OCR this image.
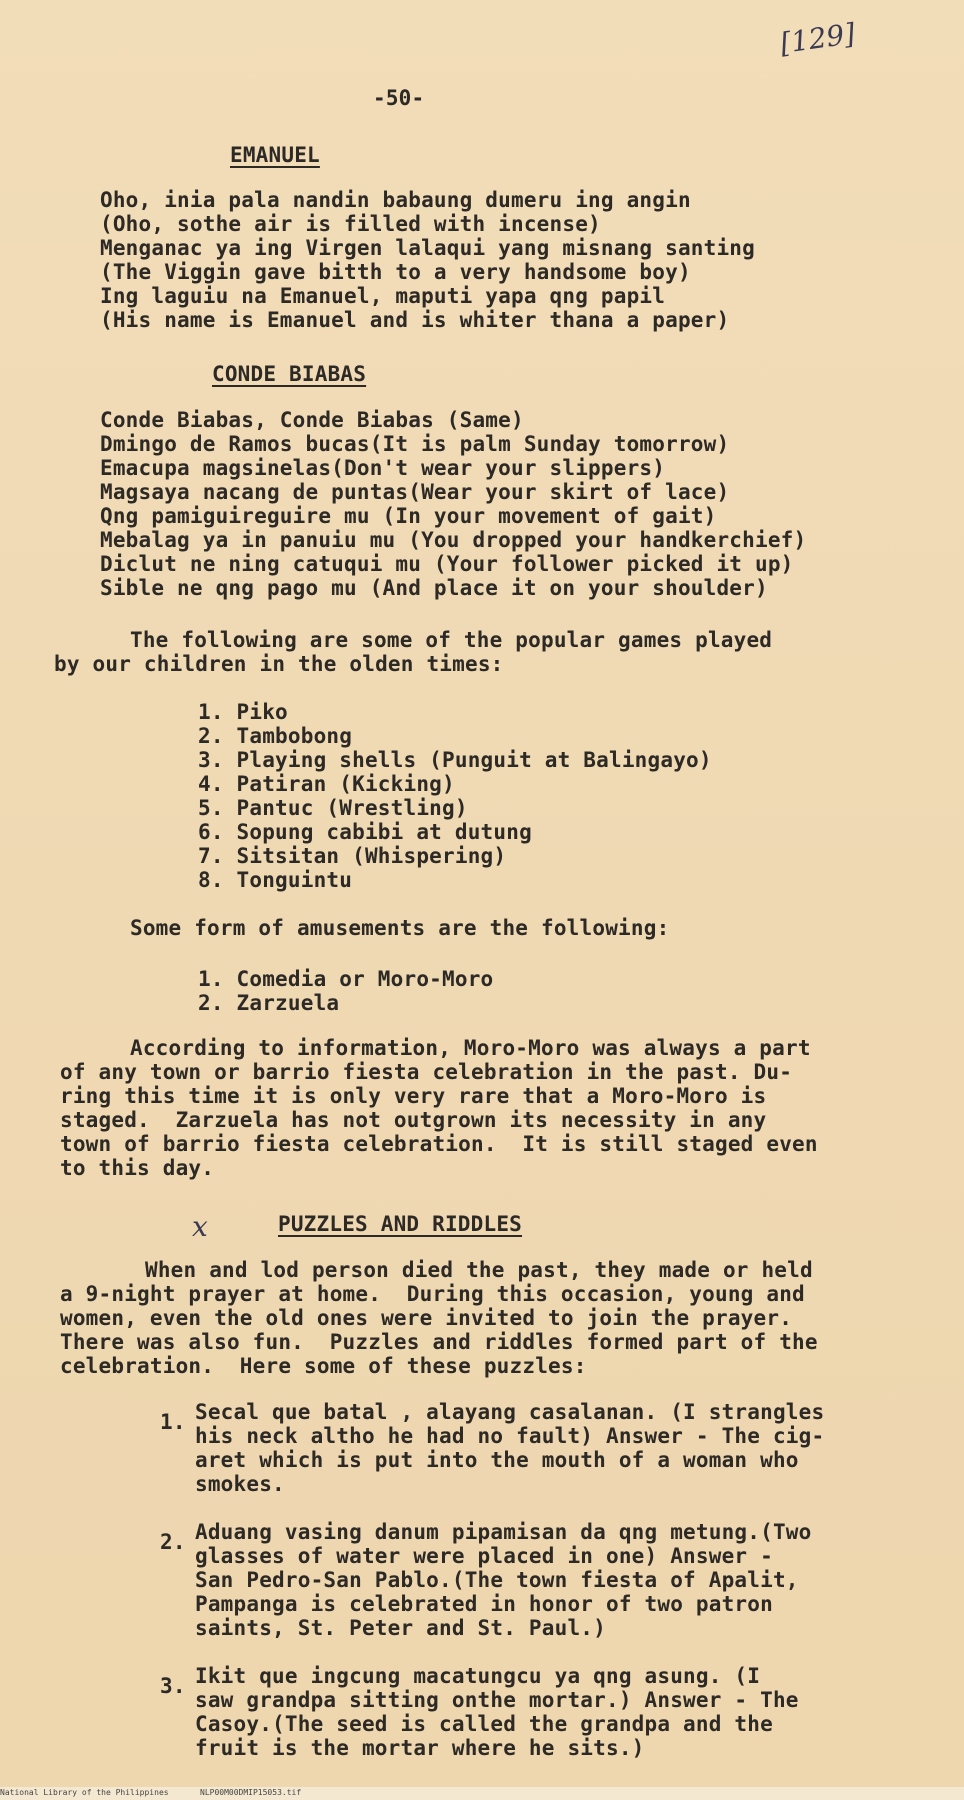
[129]
-50-
EMANUEL
Oho, inia pala nandin babaung dumeru ing angin
(Oho, sothe air is filled with incense)
Menganac ya ing Virgen lalaqui yang misnang santing
(The Viggin gave bitth to a very handsome boy)
Ing laguiu na Emanuel, maputi yapa qng papil
(His name is Emanuel and is whiter thana a paper)
CONDE BIABAS
Conde Biabas, Conde Biabas (Same)
Dmingo de Ramos bucas(It is palm Sunday tomorrow)
Emacupa magsinelas(Don't wear your slippers)
Magsaya nacang de puntas(Wear your skirt of lace)
Qng pamiguireguire mu (In your movement of gait)
Mebalag ya in panuiu mu (You dropped your handkerchief)
Diclut ne ning catuqui mu (Your follower picked it up)
Sible ne qng pago mu (And place it on your shoulder)
The following are some of the popular games played
by our children in the olden times:
1. Piko
2. Tambobong
3. Playing shells (Punguit at Balingayo)
4. Patiran (Kicking)
5. Pantuc (Wrestling)
6. Sopung cabibi at dutung
7. Sitsitan (Whispering)
8. Tonguintu
Some form of amusements are the following:
1. Comedia or Moro-Moro
2. Zarzuela
According to information, Moro-Moro was always a part
of any town or barrio fiesta celebration in the past. Du-
ring this time it is only very rare that a Moro-Moro is
staged.  Zarzuela has not outgrown its necessity in any
town of barrio fiesta celebration.  It is still staged even
to this day.
x	PUZZLES AND RIDDLES
When and lod person died the past, they made or held
a 9-night prayer at home.  During this occasion, young and
women, even the old ones were invited to join the prayer.
There was also fun.  Puzzles and riddles formed part of the
celebration.  Here some of these puzzles:
1. Secal que batal , alayang casalanan. (I strangles
his neck altho he had no fault) Answer - The cig-
aret which is put into the mouth of a woman who
smokes.
2. Aduang vasing danum pipamisan da qng metung.(Two
glasses of water were placed in one) Answer -
San Pedro-San Pablo.(The town fiesta of Apalit,
Pampanga is celebrated in honor of two patron
saints, St. Peter and St. Paul.)
3. Ikit que ingcung macatungcu ya qng asung. (I
saw grandpa sitting onthe mortar.) Answer - The
Casoy.(The seed is called the grandpa and the
fruit is the mortar where he sits.)
National Library of the Philippines	NLP00M00DMIP15053.tif
